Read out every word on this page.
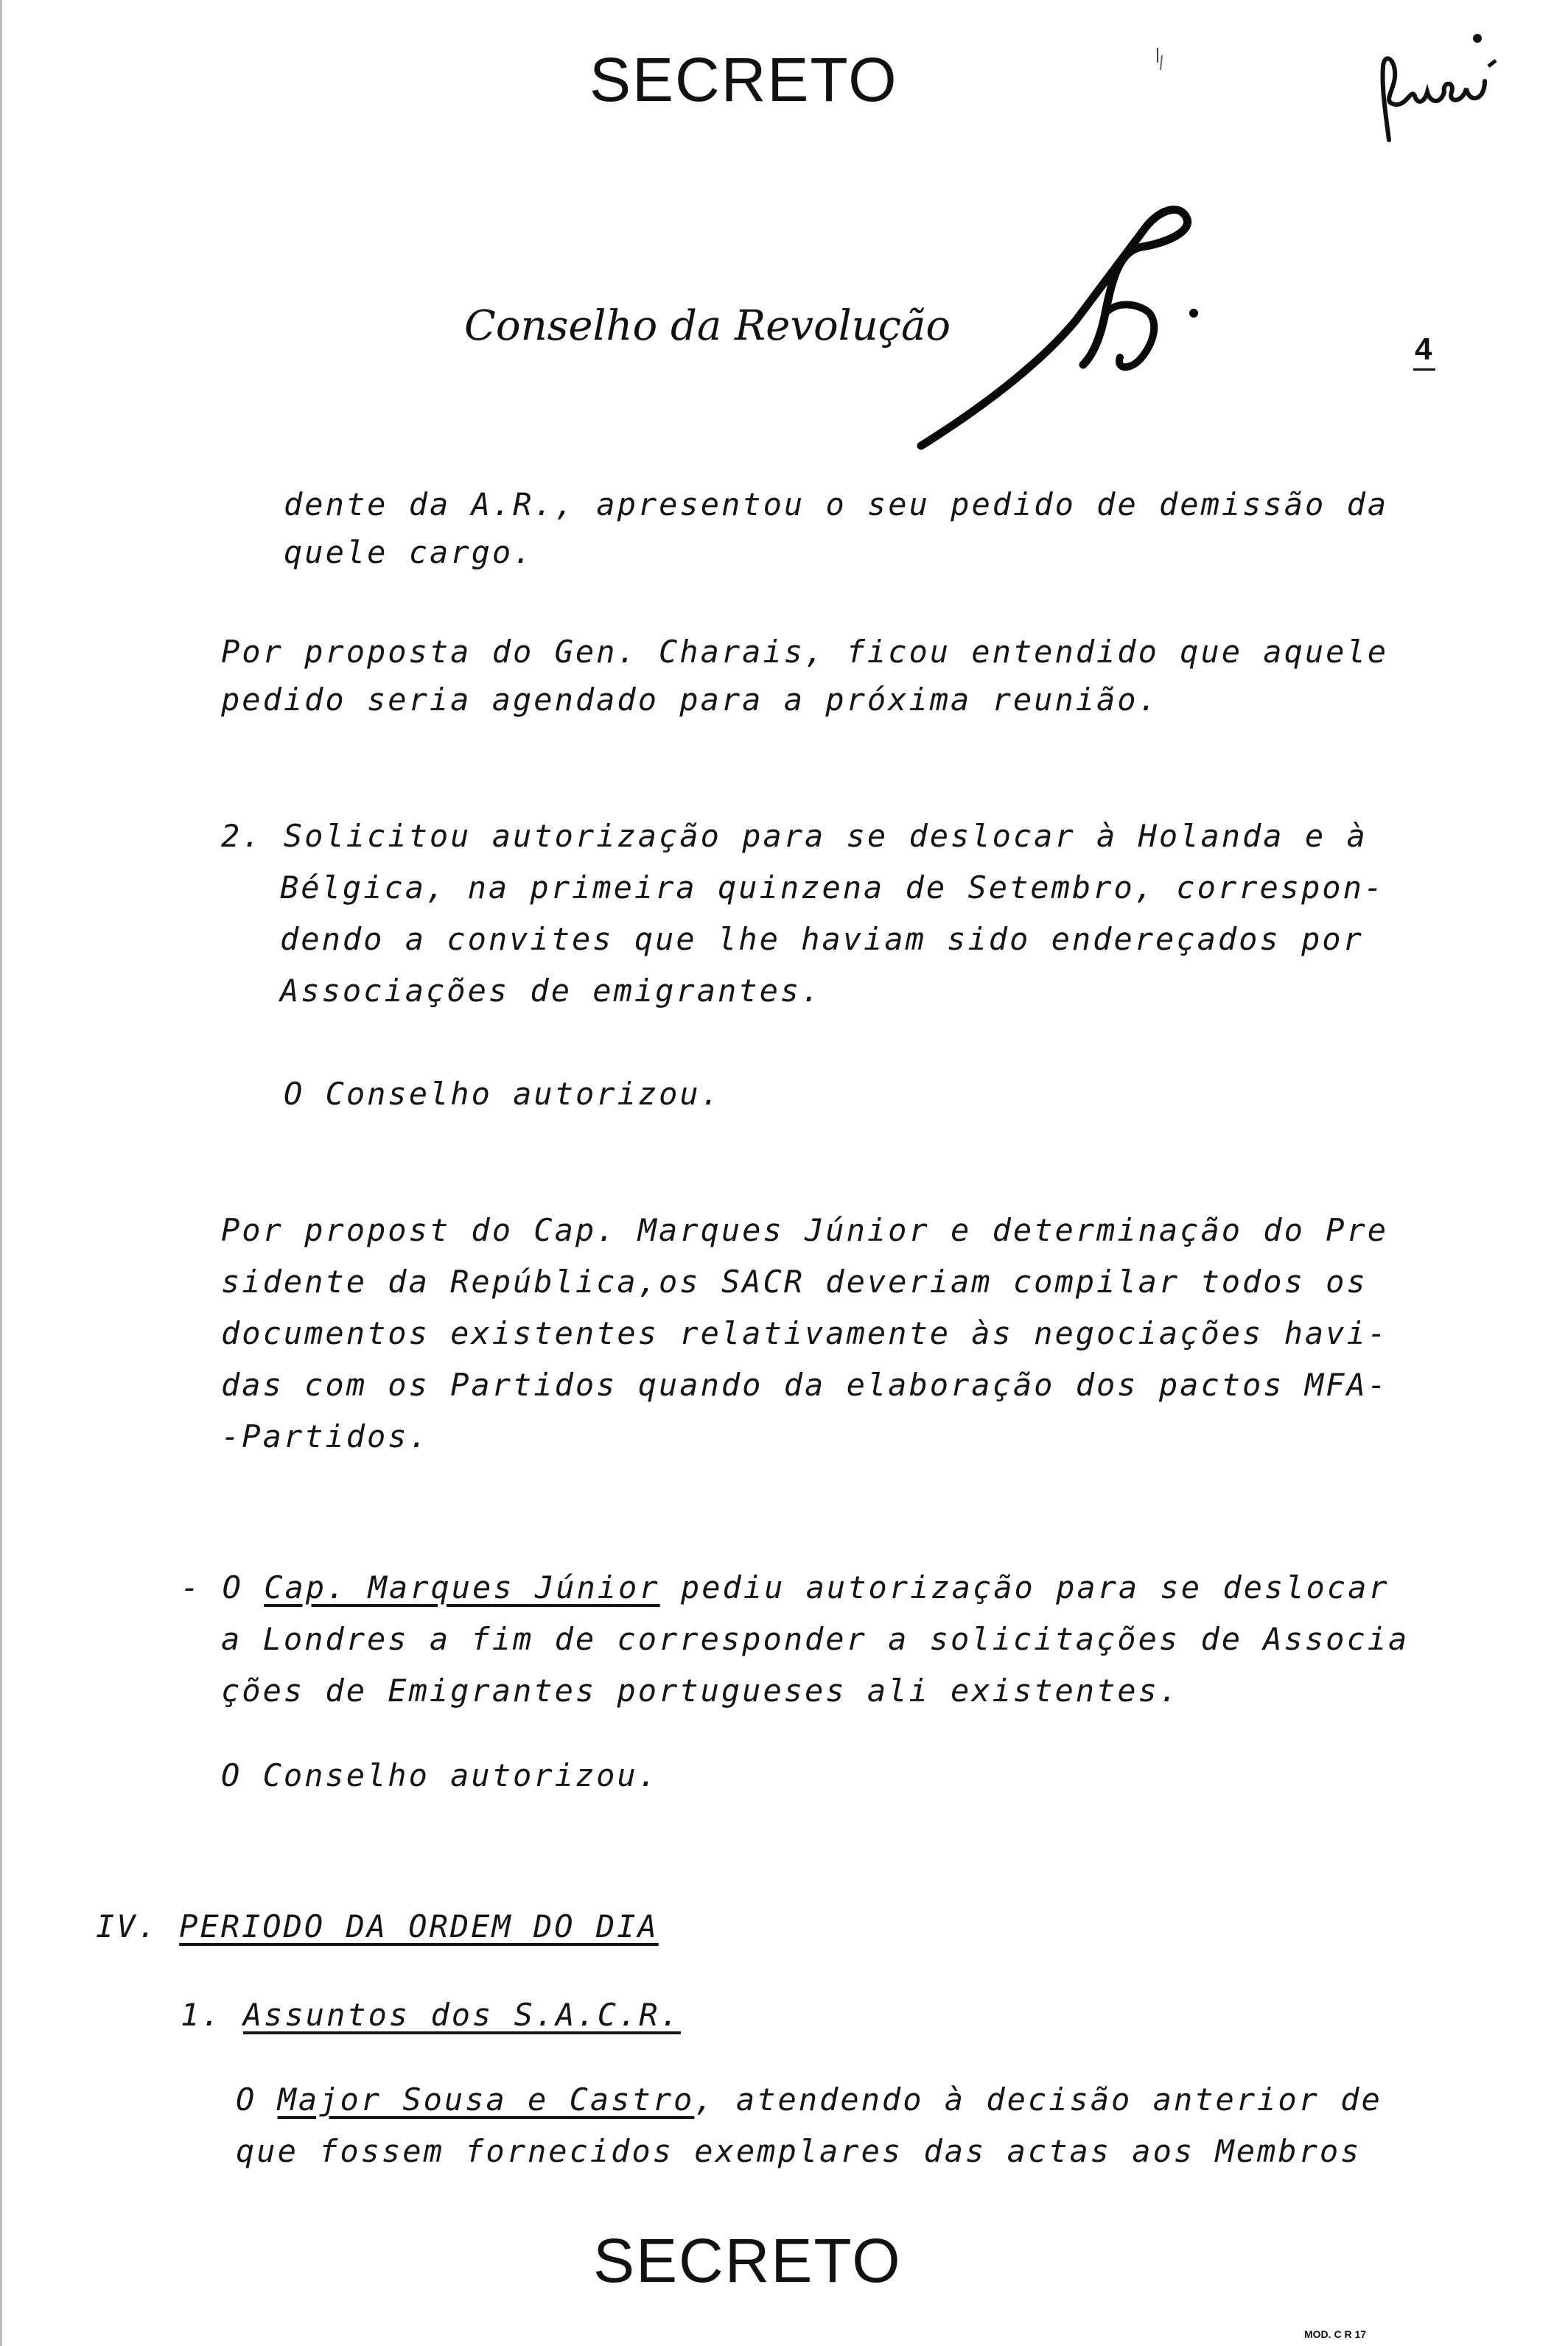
SECRETO
Conselho da Revolução	4
dente da A.R., apresentou o seu pedido de demissão da
quele cargo.
Por proposta do Gen. Charais, ficou entendido que aquele
pedido seria agendado para a próxima reunião.
2. Solicitou autorização para se deslocar à Holanda e à
Bélgica, na primeira quinzena de Setembro, correspon-
dendo a convites que lhe haviam sido endereçados por
Associações de emigrantes.
O Conselho autorizou.
Por propost do Cap. Marques Júnior e determinação do Pre
sidente da República,os SACR deveriam compilar todos os
documentos existentes relativamente às negociações havi-
das com os Partidos quando da elaboração dos pactos MFA-
-Partidos.
- O Cap. Marques Júnior pediu autorização para se deslocar
a Londres a fim de corresponder a solicitações de Associa
ções de Emigrantes portugueses ali existentes.
O Conselho autorizou.
IV. PERIODO DA ORDEM DO DIA
1. Assuntos dos S.A.C.R.
O Major Sousa e Castro, atendendo à decisão anterior de
que fossem fornecidos exemplares das actas aos Membros
SECRETO
MOD. C R 17
